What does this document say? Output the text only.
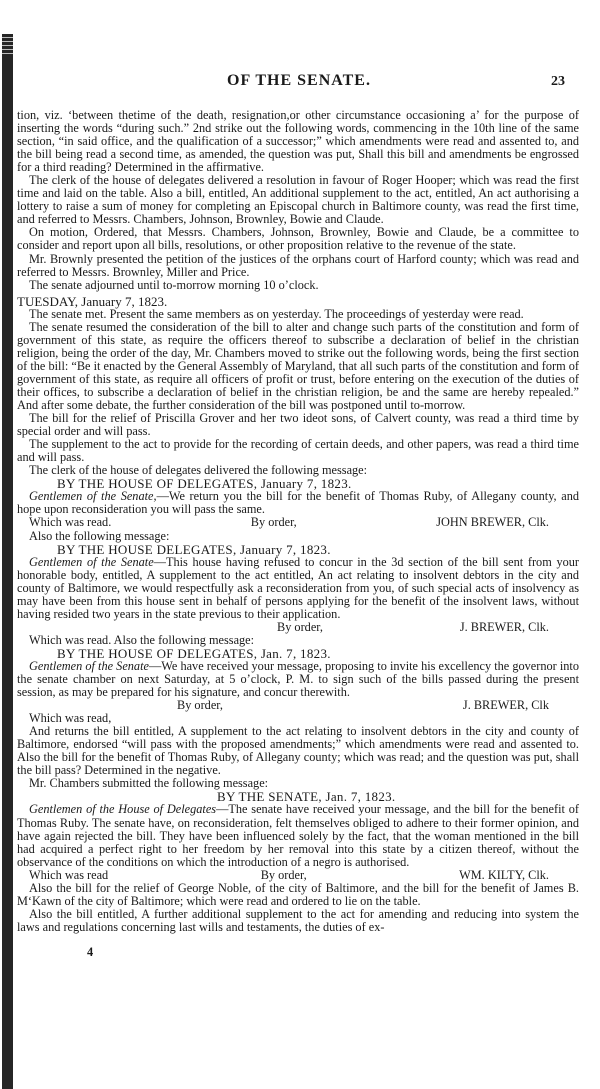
OF THE SENATE.	23

tion, viz. ‘between thetime of the death, resignation,or other circumstance occasioning a’ for the purpose of inserting the words “during such.” 2nd strike out the following words, commencing in the 10th line of the same section, “in said office, and the qualification of a successor;” which amendments were read and assented to, and the bill being read a second time, as amended, the question was put, Shall this bill and amendments be engrossed for a third reading? Determined in the affirmative.

The clerk of the house of delegates delivered a resolution in favour of Roger Hooper; which was read the first time and laid on the table. Also a bill, entitled, An additional supplement to the act, entitled, An act authorising a lottery to raise a sum of money for completing an Episcopal church in Baltimore county, was read the first time, and referred to Messrs. Chambers, Johnson, Brownley, Bowie and Claude.

On motion, Ordered, that Messrs. Chambers, Johnson, Brownley, Bowie and Claude, be a committee to consider and report upon all bills, resolutions, or other proposition relative to the revenue of the state.

Mr. Brownly presented the petition of the justices of the orphans court of Harford county; which was read and referred to Messrs. Brownley, Miller and Price.

The senate adjourned until to-morrow morning 10 o’clock.

TUESDAY, January 7, 1823.

The senate met. Present the same members as on yesterday. The proceedings of yesterday were read.

The senate resumed the consideration of the bill to alter and change such parts of the constitution and form of government of this state, as require the officers thereof to subscribe a declaration of belief in the christian religion, being the order of the day, Mr. Chambers moved to strike out the following words, being the first section of the bill: “Be it enacted by the General Assembly of Maryland, that all such parts of the constitution and form of government of this state, as require all officers of profit or trust, before entering on the execution of the duties of their offices, to subscribe a declaration of belief in the christian religion, be and the same are hereby repealed.” And after some debate, the further consideration of the bill was postponed until to-morrow.

The bill for the relief of Priscilla Grover and her two ideot sons, of Calvert county, was read a third time by special order and will pass.

The supplement to the act to provide for the recording of certain deeds, and other papers, was read a third time and will pass.

The clerk of the house of delegates delivered the following message:

BY THE HOUSE OF DELEGATES, January 7, 1823.

Gentlemen of the Senate,—We return you the bill for the benefit of Thomas Ruby, of Allegany county, and hope upon reconsideration you will pass the same.

Which was read.	By order,	JOHN BREWER, Clk.

Also the following message:

BY THE HOUSE DELEGATES, January 7, 1823.

Gentlemen of the Senate—This house having refused to concur in the 3d section of the bill sent from your honorable body, entitled, A supplement to the act entitled, An act relating to insolvent debtors in the city and county of Baltimore, we would respectfully ask a reconsideration from you, of such special acts of insolvency as may have been from this house sent in behalf of persons applying for the benefit of the insolvent laws, without having resided two years in the state previous to their application.

By order,	J. BREWER, Clk.

Which was read. Also the following message:

BY THE HOUSE OF DELEGATES, Jan. 7, 1823.

Gentlemen of the Senate—We have received your message, proposing to invite his excellency the governor into the senate chamber on next Saturday, at 5 o’clock, P. M. to sign such of the bills passed during the present session, as may be prepared for his signature, and concur therewith.

By order,	J. BREWER, Clk

Which was read,

And returns the bill entitled, A supplement to the act relating to insolvent debtors in the city and county of Baltimore, endorsed “will pass with the proposed amendments;” which amendments were read and assented to. Also the bill for the benefit of Thomas Ruby, of Allegany county; which was read; and the question was put, shall the bill pass? Determined in the negative.

Mr. Chambers submitted the following message:

BY THE SENATE, Jan. 7, 1823.

Gentlemen of the House of Delegates—The senate have received your message, and the bill for the benefit of Thomas Ruby. The senate have, on reconsideration, felt themselves obliged to adhere to their former opinion, and have again rejected the bill. They have been influenced solely by the fact, that the woman mentioned in the bill had acquired a perfect right to her freedom by her removal into this state by a citizen thereof, without the observance of the conditions on which the introduction of a negro is authorised.

Which was read	By order,	WM. KILTY, Clk.

Also the bill for the relief of George Noble, of the city of Baltimore, and the bill for the benefit of James B. M‘Kawn of the city of Baltimore; which were read and ordered to lie on the table.

Also the bill entitled, A further additional supplement to the act for amending and reducing into system the laws and regulations concerning last wills and testaments, the duties of ex-

4
